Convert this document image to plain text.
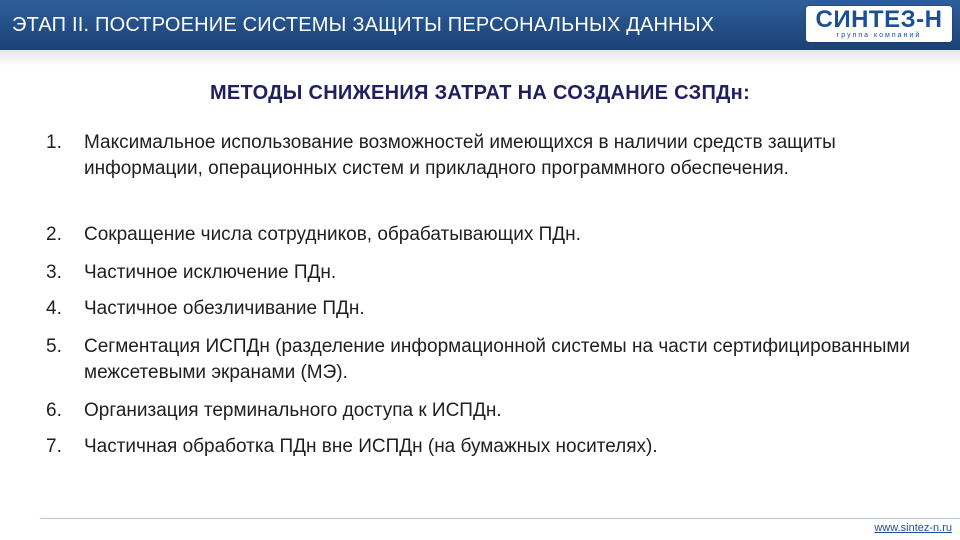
ЭТАП II. ПОСТРОЕНИЕ СИСТЕМЫ ЗАЩИТЫ ПЕРСОНАЛЬНЫХ ДАННЫХ	СИНТЕЗ-Н
группа компаний
МЕТОДЫ СНИЖЕНИЯ ЗАТРАТ НА СОЗДАНИЕ СЗПДн:
1.	Максимальное использование возможностей имеющихся в наличии средств защиты информации, операционных систем и прикладного программного обеспечения.
2.	Сокращение числа сотрудников, обрабатывающих ПДн.
3.	Частичное исключение ПДн.
4.	Частичное обезличивание ПДн.
5.	Сегментация ИСПДн (разделение информационной системы на части сертифицированными межсетевыми экранами (МЭ).
6.	Организация терминального доступа к ИСПДн.
7.	Частичная обработка ПДн вне ИСПДн (на бумажных носителях).
www.sintez-n.ru
